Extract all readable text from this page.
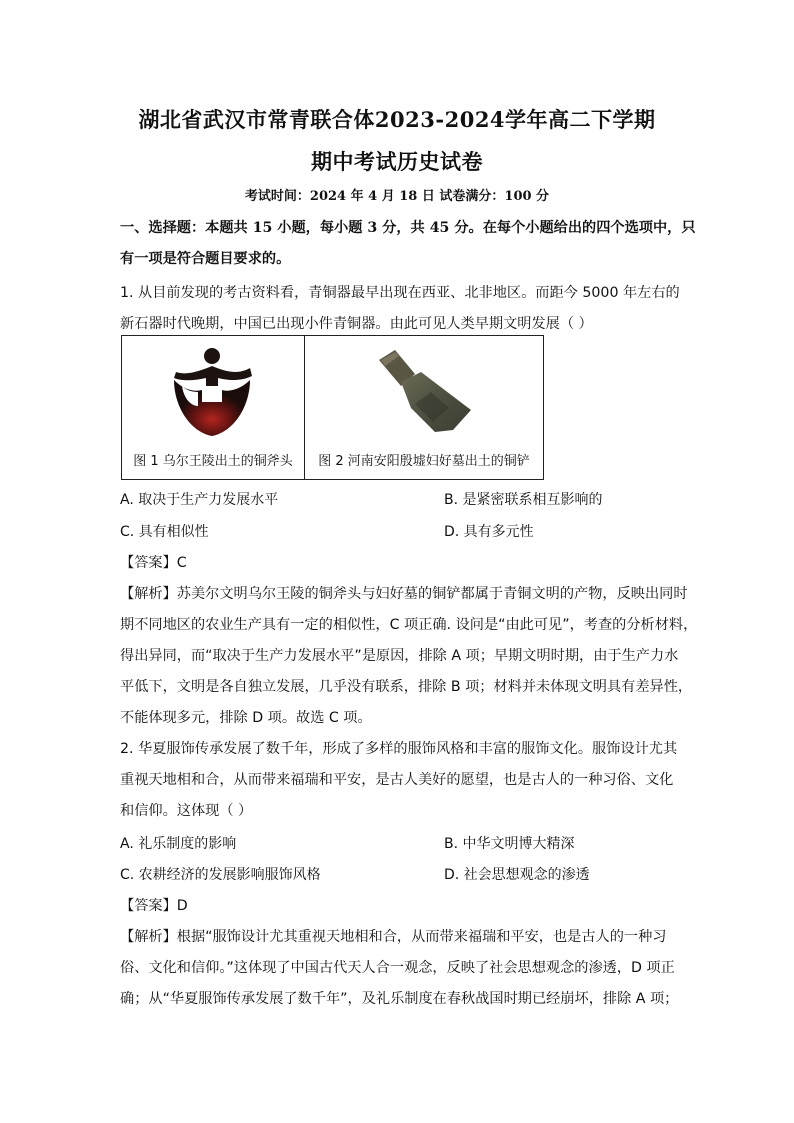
湖北省武汉市常青联合体2023-2024学年高二下学期
期中考试历史试卷
考试时间：2024 年 4 月 18 日 试卷满分：100 分
一、选择题：本题共 15 小题，每小题 3 分，共 45 分。在每个小题给出的四个选项中，只
有一项是符合题目要求的。
1. 从目前发现的考古资料看，青铜器最早出现在西亚、北非地区。而距今 5000 年左右的
新石器时代晚期，中国已出现小件青铜器。由此可见人类早期文明发展（ ）
图 1 乌尔王陵出土的铜斧头	图 2 河南安阳殷墟妇好墓出土的铜铲
A. 取决于生产力发展水平	B. 是紧密联系相互影响的
C. 具有相似性	D. 具有多元性
【答案】C
【解析】苏美尔文明乌尔王陵的铜斧头与妇好墓的铜铲都属于青铜文明的产物，反映出同时
期不同地区的农业生产具有一定的相似性，C 项正确. 设问是“由此可见”，考查的分析材料，
得出异同，而“取决于生产力发展水平”是原因，排除 A 项；早期文明时期，由于生产力水
平低下，文明是各自独立发展，几乎没有联系，排除 B 项；材料并未体现文明具有差异性，
不能体现多元，排除 D 项。故选 C 项。
2. 华夏服饰传承发展了数千年，形成了多样的服饰风格和丰富的服饰文化。服饰设计尤其
重视天地相和合，从而带来福瑞和平安，是古人美好的愿望，也是古人的一种习俗、文化
和信仰。这体现（ ）
A. 礼乐制度的影响	B. 中华文明博大精深
C. 农耕经济的发展影响服饰风格	D. 社会思想观念的渗透
【答案】D
【解析】根据“服饰设计尤其重视天地相和合，从而带来福瑞和平安，也是古人的一种习
俗、文化和信仰。”这体现了中国古代天人合一观念，反映了社会思想观念的渗透，D 项正
确；从“华夏服饰传承发展了数千年”，及礼乐制度在春秋战国时期已经崩坏，排除 A 项；
